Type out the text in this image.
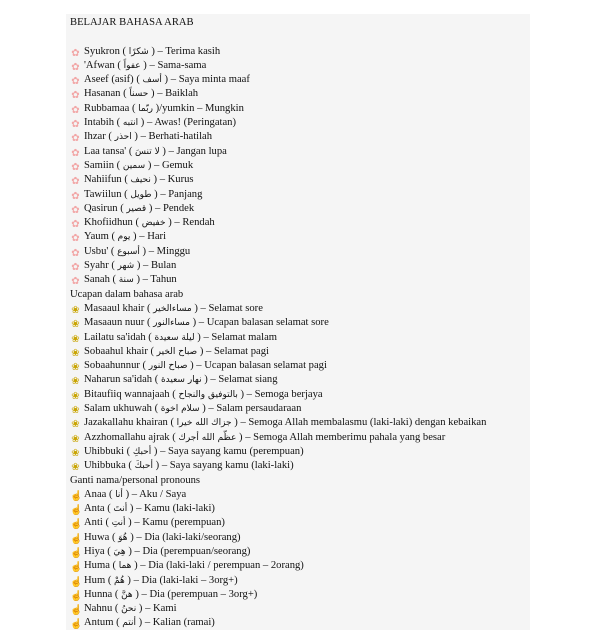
BELAJAR BAHASA ARAB
✿ Syukron ( شكرًا ) – Terima kasih
✿ 'Afwan ( عفواً ) – Sama-sama
✿ Aseef (asif) ( أسف ) – Saya minta maaf
✿ Hasanan ( حسناً ) – Baiklah
✿ Rubbamaa ( ربّما )/yumkin – Mungkin
✿ Intabih ( انتبه ) – Awas! (Peringatan)
✿ Ihzar ( احذر ) – Berhati-hatilah
✿ Laa tansa' ( لا تنسَ ) – Jangan lupa
✿ Samiin ( سمين ) – Gemuk
✿ Nahiifun ( نحيف ) – Kurus
✿ Tawiilun ( طويل ) – Panjang
✿ Qasirun ( قصير ) – Pendek
✿ Khofiidhun ( خفيض ) – Rendah
✿ Yaum ( يوم ) – Hari
✿ Usbu' ( أسبوع ) – Minggu
✿ Syahr ( شهر ) – Bulan
✿ Sanah ( سنة ) – Tahun
Ucapan dalam bahasa arab
❀ Masaaul khair ( مساءالخير ) – Selamat sore
❀ Masaaun nuur ( مساءالنور ) – Ucapan balasan selamat sore
❀ Lailatu sa'idah ( ليلة سعيدة ) – Selamat malam
❀ Sobaahul khair ( صباح الخير ) – Selamat pagi
❀ Sobaahunnur ( صباح النور ) – Ucapan balasan selamat pagi
❀ Naharun sa'idah ( نهار سعيدة ) – Selamat siang
❀ Bitaufiiq wannajaah ( بالتوفيق والنجاح ) – Semoga berjaya
❀ Salam ukhuwah ( سلام اخوة ) – Salam persaudaraan
❀ Jazakallahu khairan ( جزاك الله خيرا ) – Semoga Allah membalasmu (laki-laki) dengan kebaikan
❀ Azzhomallahu ajrak ( عظّم الله أجرك ) – Semoga Allah memberimu pahala yang besar
❀ Uhibbuki ( أحبكِ ) – Saya sayang kamu (perempuan)
❀ Uhibbuka ( أحبكَ ) – Saya sayang kamu (laki-laki)
Ganti nama/personal pronouns
☝ Anaa ( أنا ) – Aku / Saya
☝ Anta ( أنتَ ) – Kamu (laki-laki)
☝ Anti ( أنتِ ) – Kamu (perempuan)
☝ Huwa ( هُوَ ) – Dia (laki-laki/seorang)
☝ Hiya ( هِيَ ) – Dia (perempuan/seorang)
☝ Huma ( هما ) – Dia (laki-laki / perempuan – 2orang)
☝ Hum ( هُمْ ) – Dia (laki-laki – 3org+)
☝ Hunna ( هنَّ ) – Dia (perempuan – 3org+)
☝ Nahnu ( نحنُ ) – Kami
☝ Antum ( أنتم ) – Kalian (ramai)
